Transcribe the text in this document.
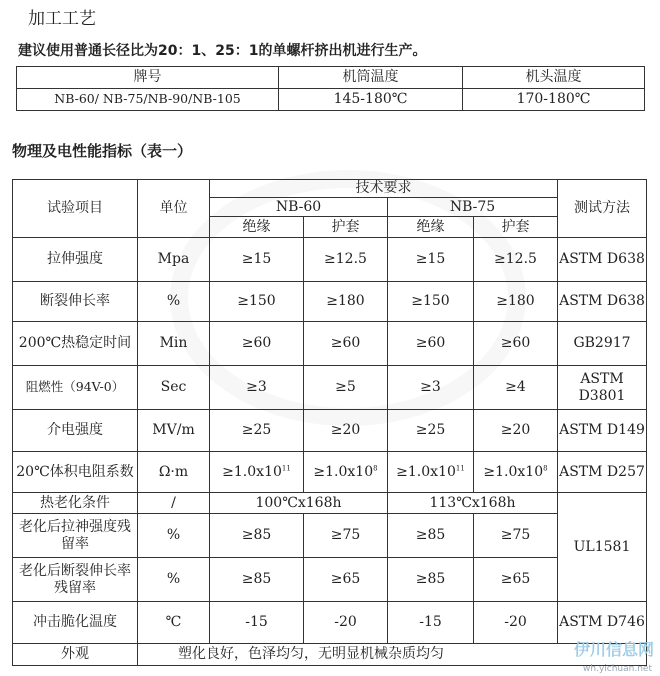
加工工艺
建议使用普通长径比为20：1、25：1的单螺杆挤出机进行生产。
牌号	机筒温度	机头温度
NB-60/ NB-75/NB-90/NB-105	145-180℃	170-180℃
物理及电性能指标（表一）
试验项目	单位	技术要求				测试方法
		NB-60		NB-75		
		绝缘	护套	绝缘	护套	
拉伸强度	Mpa	≥15	≥12.5	≥15	≥12.5	ASTM D638
断裂伸长率	%	≥150	≥180	≥150	≥180	ASTM D638
200℃热稳定时间	Min	≥60	≥60	≥60	≥60	GB2917
阻燃性（94V-0）	Sec	≥3	≥5	≥3	≥4	ASTM D3801
介电强度	MV/m	≥25	≥20	≥25	≥20	ASTM D149
20℃体积电阻系数	Ω·m	$\ge 1.0x10^{11}$	$\ge 1.0x10^8$	$\ge 1.0x10^{11}$	$\ge 1.0x10^8$	ASTM D257
热老化条件	/	100℃x168h		113℃x168h		UL1581
老化后拉神强度残留率	%	≥85	≥75	≥85	≥75	
老化后断裂伸长率残留率	%	≥85	≥65	≥85	≥65	
冲击脆化温度	℃	-15	-20	-15	-20	ASTM D746
外观	塑化良好，色泽均匀，无明显机械杂质均匀						伊川信息网
wh.yichuan.net
